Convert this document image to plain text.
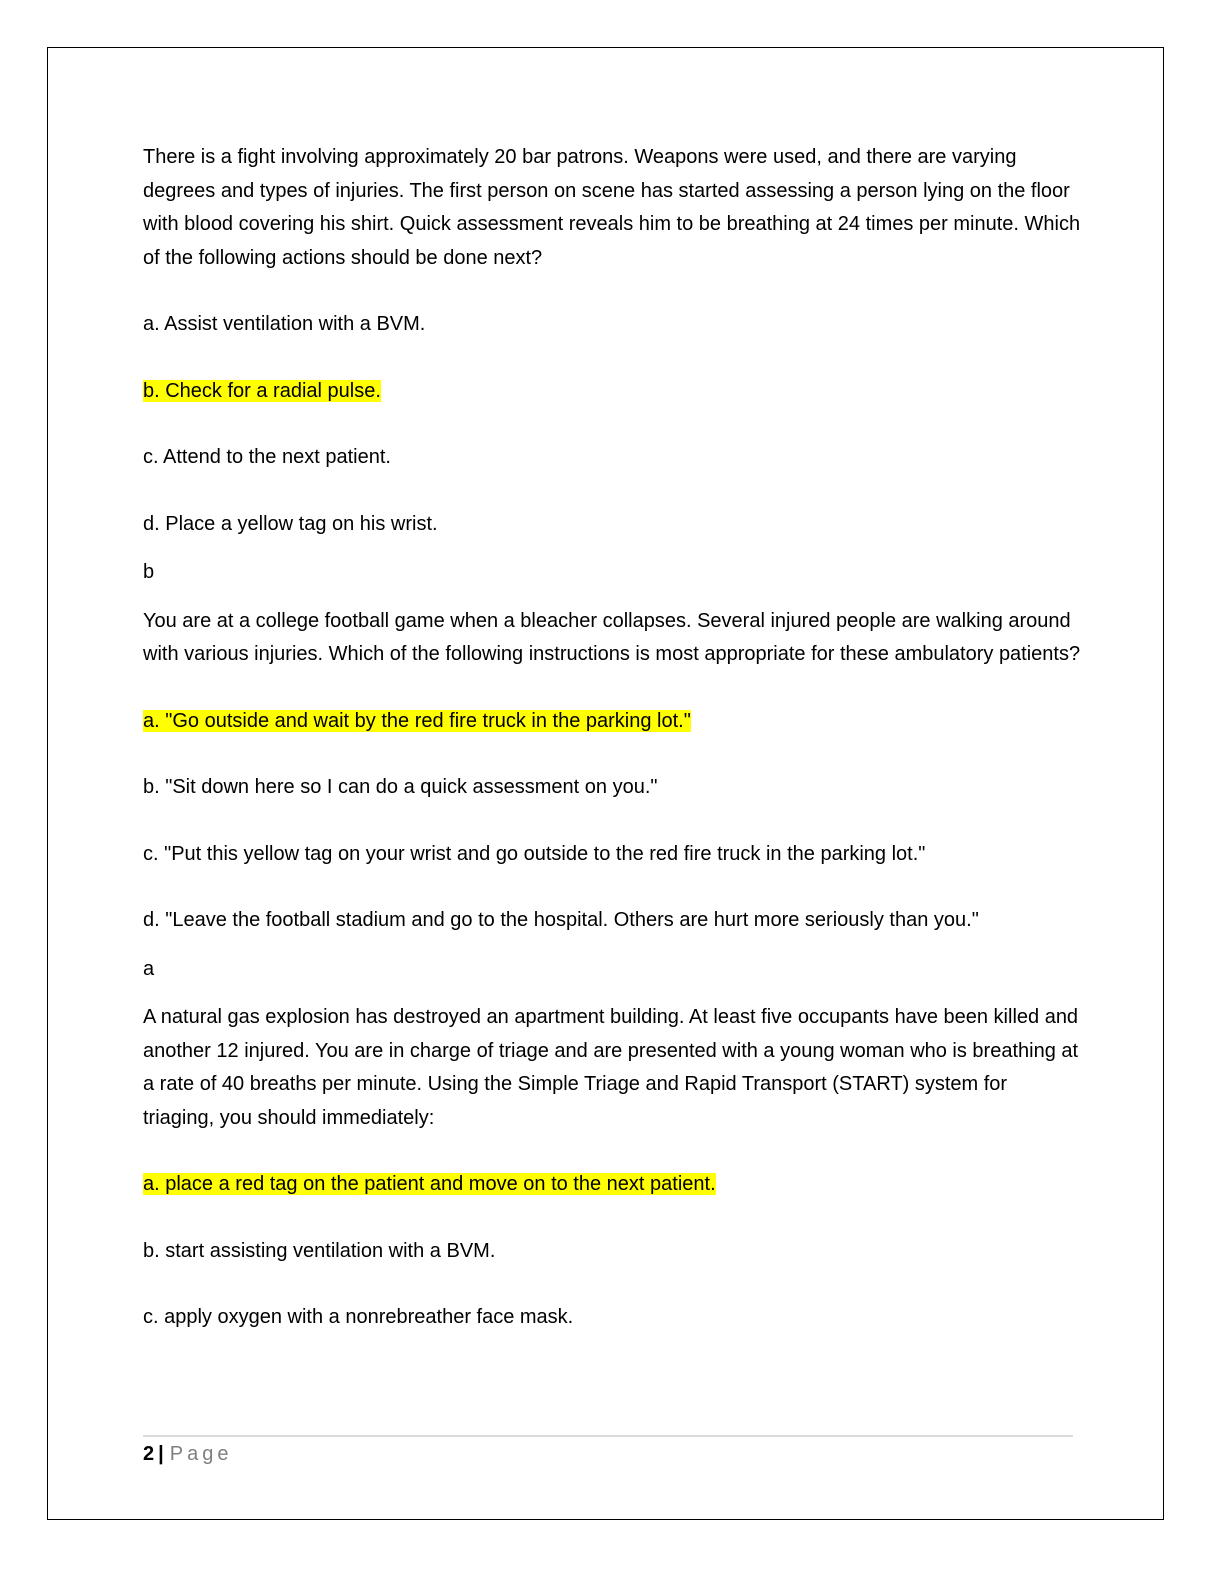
There is a fight involving approximately 20 bar patrons. Weapons were used, and there are varying degrees and types of injuries. The first person on scene has started assessing a person lying on the floor with blood covering his shirt. Quick assessment reveals him to be breathing at 24 times per minute. Which of the following actions should be done next?

a. Assist ventilation with a BVM.

b. Check for a radial pulse.

c. Attend to the next patient.

d. Place a yellow tag on his wrist.

b

You are at a college football game when a bleacher collapses. Several injured people are walking around with various injuries. Which of the following instructions is most appropriate for these ambulatory patients?

a. "Go outside and wait by the red fire truck in the parking lot."

b. "Sit down here so I can do a quick assessment on you."

c. "Put this yellow tag on your wrist and go outside to the red fire truck in the parking lot."

d. "Leave the football stadium and go to the hospital. Others are hurt more seriously than you."

a

A natural gas explosion has destroyed an apartment building. At least five occupants have been killed and another 12 injured. You are in charge of triage and are presented with a young woman who is breathing at a rate of 40 breaths per minute. Using the Simple Triage and Rapid Transport (START) system for triaging, you should immediately:

a. place a red tag on the patient and move on to the next patient.

b. start assisting ventilation with a BVM.

c. apply oxygen with a nonrebreather face mask.

2 | Page
